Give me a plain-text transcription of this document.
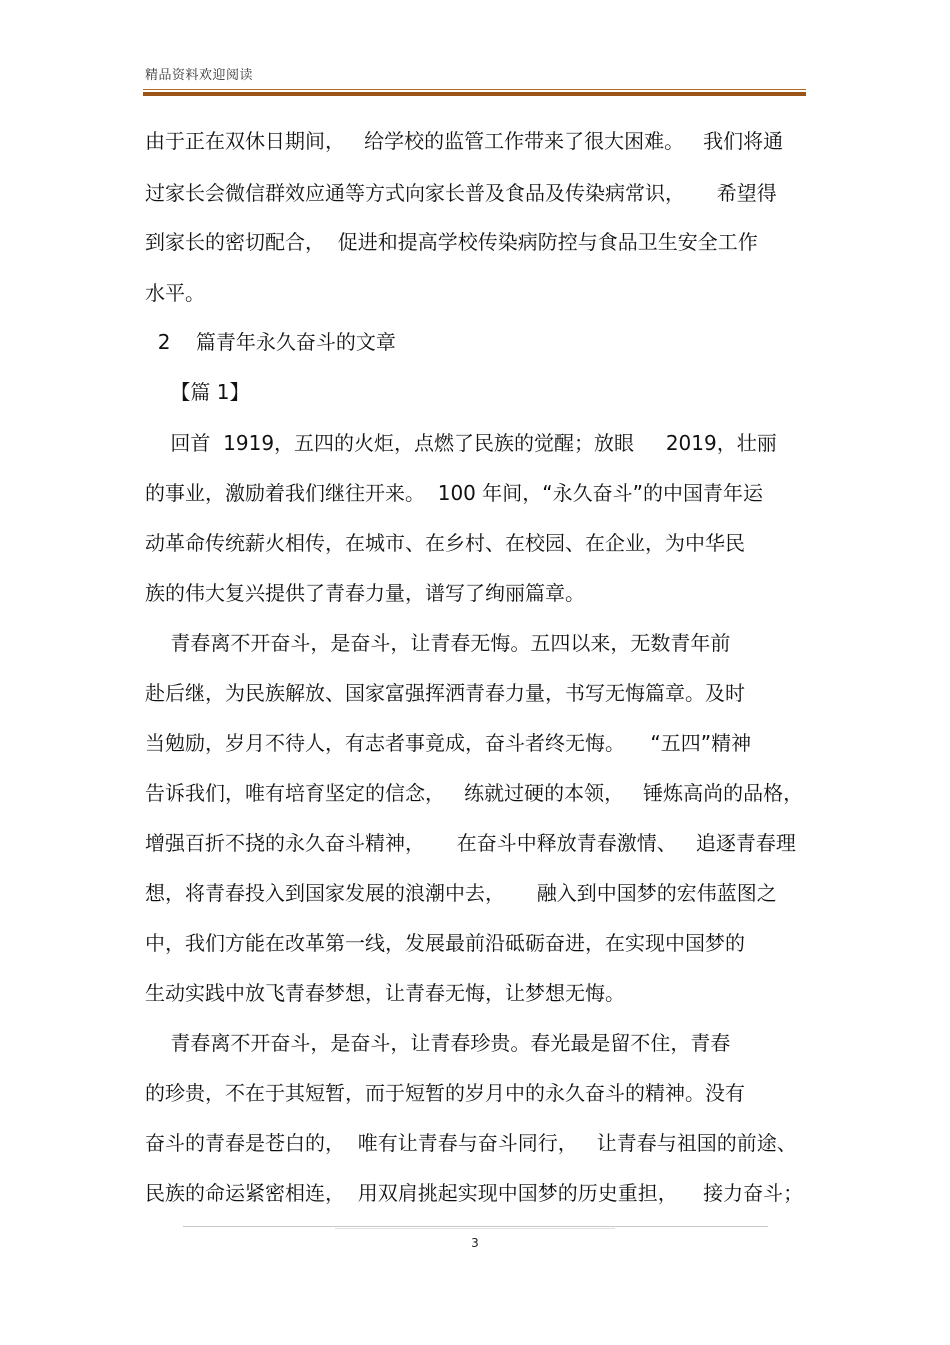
精品资料欢迎阅读
由于正在双休日期间，   给学校的监管工作带来了很大困难。   我们将通
过家长会微信群效应通等方式向家长普及食品及传染病常识，     希望得
到家长的密切配合，  促进和提高学校传染病防控与食品卫生安全工作
水平。
2    篇青年永久奋斗的文章
【篇 1】
回首  1919，五四的火炬，点燃了民族的觉醒；放眼     2019，壮丽
的事业，激励着我们继往开来。  100 年间，“永久奋斗”的中国青年运
动革命传统薪火相传，在城市、在乡村、在校园、在企业，为中华民
族的伟大复兴提供了青春力量，谱写了绚丽篇章。
青春离不开奋斗，是奋斗，让青春无悔。五四以来，无数青年前
赴后继，为民族解放、国家富强挥洒青春力量，书写无悔篇章。及时
当勉励，岁月不待人，有志者事竟成，奋斗者终无悔。    “五四”精神
告诉我们，唯有培育坚定的信念，   练就过硬的本领，   锤炼高尚的品格，
增强百折不挠的永久奋斗精神，     在奋斗中释放青春激情、   追逐青春理
想，将青春投入到国家发展的浪潮中去，     融入到中国梦的宏伟蓝图之
中，我们方能在改革第一线，发展最前沿砥砺奋进，在实现中国梦的
生动实践中放飞青春梦想，让青春无悔，让梦想无悔。
青春离不开奋斗，是奋斗，让青春珍贵。春光最是留不住，青春
的珍贵，不在于其短暂，而于短暂的岁月中的永久奋斗的精神。没有
奋斗的青春是苍白的，  唯有让青春与奋斗同行，   让青春与祖国的前途、
民族的命运紧密相连，  用双肩挑起实现中国梦的历史重担，    接力奋斗；
3
